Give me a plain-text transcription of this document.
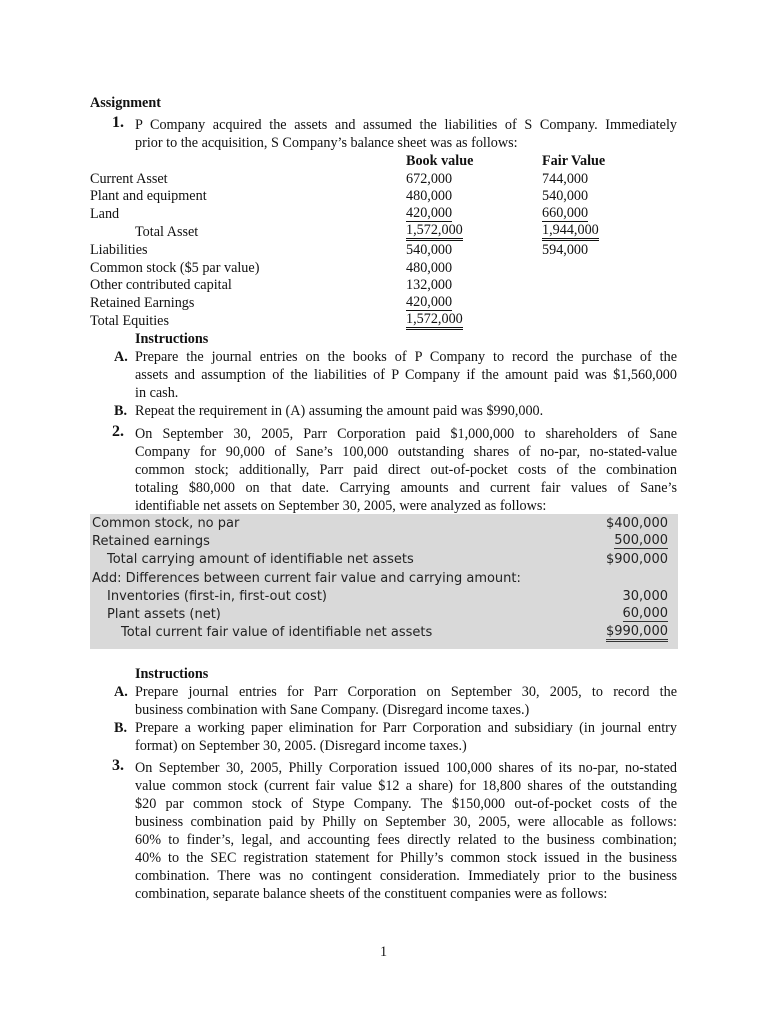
Assignment
1. P Company acquired the assets and assumed the liabilities of S Company. Immediately
prior to the acquisition, S Company’s balance sheet was as follows:
Book value	Fair Value
Current Asset	672,000	744,000
Plant and equipment	480,000	540,000
Land	420,000	660,000
Total Asset	1,572,000	1,944,000
Liabilities	540,000	594,000
Common stock ($5 par value)	480,000
Other contributed capital	132,000
Retained Earnings	420,000
Total Equities	1,572,000
Instructions
A. Prepare the journal entries on the books of P Company to record the purchase of the
assets and assumption of the liabilities of P Company if the amount paid was $1,560,000
in cash.
B. Repeat the requirement in (A) assuming the amount paid was $990,000.
2. On September 30, 2005, Parr Corporation paid $1,000,000 to shareholders of Sane
Company for 90,000 of Sane’s 100,000 outstanding shares of no-par, no-stated-value
common stock; additionally, Parr paid direct out-of-pocket costs of the combination
totaling $80,000 on that date. Carrying amounts and current fair values of Sane’s
identifiable net assets on September 30, 2005, were analyzed as follows:
Common stock, no par	$400,000
Retained earnings	500,000
Total carrying amount of identifiable net assets	$900,000
Add: Differences between current fair value and carrying amount:
Inventories (first-in, first-out cost)	30,000
Plant assets (net)	60,000
Total current fair value of identifiable net assets	$990,000
Instructions
A. Prepare journal entries for Parr Corporation on September 30, 2005, to record the
business combination with Sane Company. (Disregard income taxes.)
B. Prepare a working paper elimination for Parr Corporation and subsidiary (in journal entry
format) on September 30, 2005. (Disregard income taxes.)
3. On September 30, 2005, Philly Corporation issued 100,000 shares of its no-par, no-stated
value common stock (current fair value $12 a share) for 18,800 shares of the outstanding
$20 par common stock of Stype Company. The $150,000 out-of-pocket costs of the
business combination paid by Philly on September 30, 2005, were allocable as follows:
60% to finder’s, legal, and accounting fees directly related to the business combination;
40% to the SEC registration statement for Philly’s common stock issued in the business
combination. There was no contingent consideration. Immediately prior to the business
combination, separate balance sheets of the constituent companies were as follows:
1
